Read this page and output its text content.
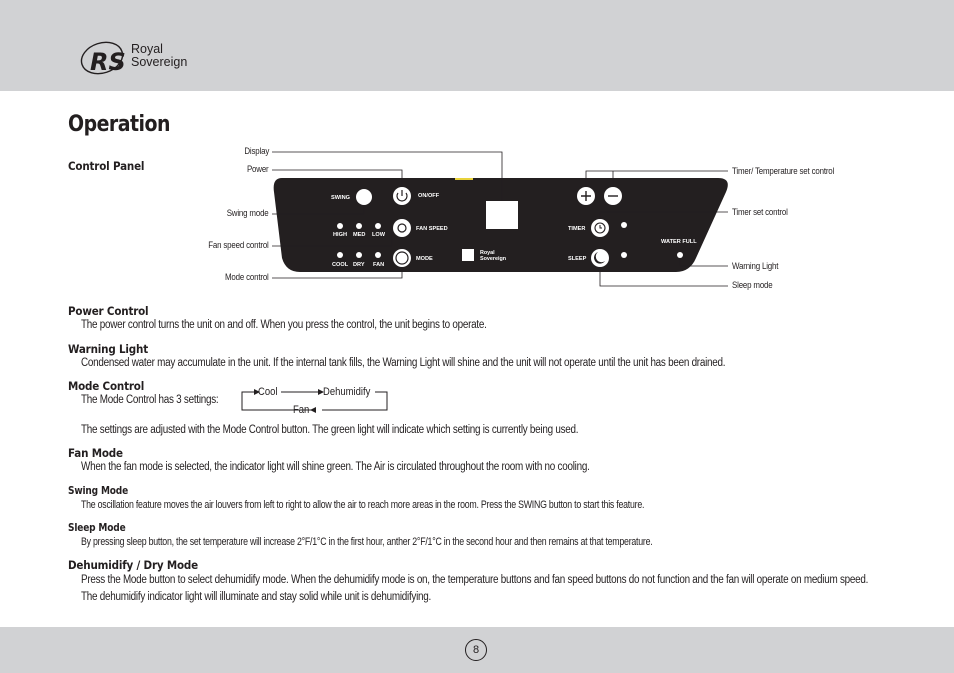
RS Royal
Sovereign
Operation
Control Panel
SWING	ON/OFF
HIGH MED LOW
FAN SPEED
COOL DRY FAN
MODE
TIMER
SLEEP
WATER FULL
Royal Sovereign
Display
Power
Swing mode
Fan speed control
Mode control
Timer/ Temperature set control
Timer set control
Warning Light
Sleep mode
Power Control
The power control turns the unit on and off. When you press the control, the unit begins to operate.
Warning Light
Condensed water may accumulate in the unit. If the internal tank fills, the Warning Light will shine and the unit will not operate until the unit has been drained.
Mode Control
The Mode Control has 3 settings:
Cool	Dehumidify
Fan
The settings are adjusted with the Mode Control button. The green light will indicate which setting is currently being used.
Fan Mode
When the fan mode is selected, the indicator light will shine green. The Air is circulated throughout the room with no cooling.
Swing Mode
The oscillation feature moves the air louvers from left to right to allow the air to reach more areas in the room. Press the SWING button to start this feature.
Sleep Mode
By pressing sleep button, the set temperature will increase 2°F/1°C in the first hour, anther 2°F/1°C in the second hour and then remains at that temperature.
Dehumidify / Dry Mode
Press the Mode button to select dehumidify mode. When the dehumidify mode is on, the temperature buttons and fan speed buttons do not function and the fan will operate on medium speed. The dehumidify indicator light will illuminate and stay solid while unit is dehumidifying.
8
